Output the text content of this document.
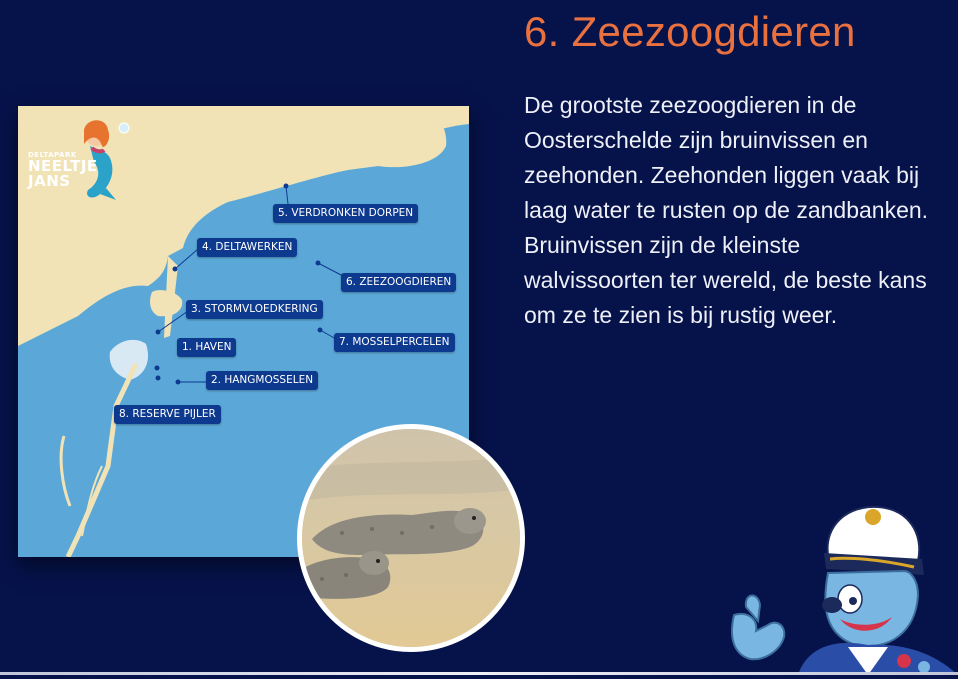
6. Zeezoogdieren

De grootste zeezoogdieren in de Oosterschelde zijn bruinvissen en zeehonden. Zeehonden liggen vaak bij laag water te rusten op de zandbanken. Bruinvissen zijn de kleinste walvissoorten ter wereld, de beste kans om ze te zien is bij rustig weer.

DELTAPARK
NEELTJE
JANS
1. HAVEN
2. HANGMOSSELEN
3. STORMVLOEDKERING
4. DELTAWERKEN
5. VERDRONKEN DORPEN
6. ZEEZOOGDIEREN
7. MOSSELPERCELEN
8. RESERVE PIJLER
